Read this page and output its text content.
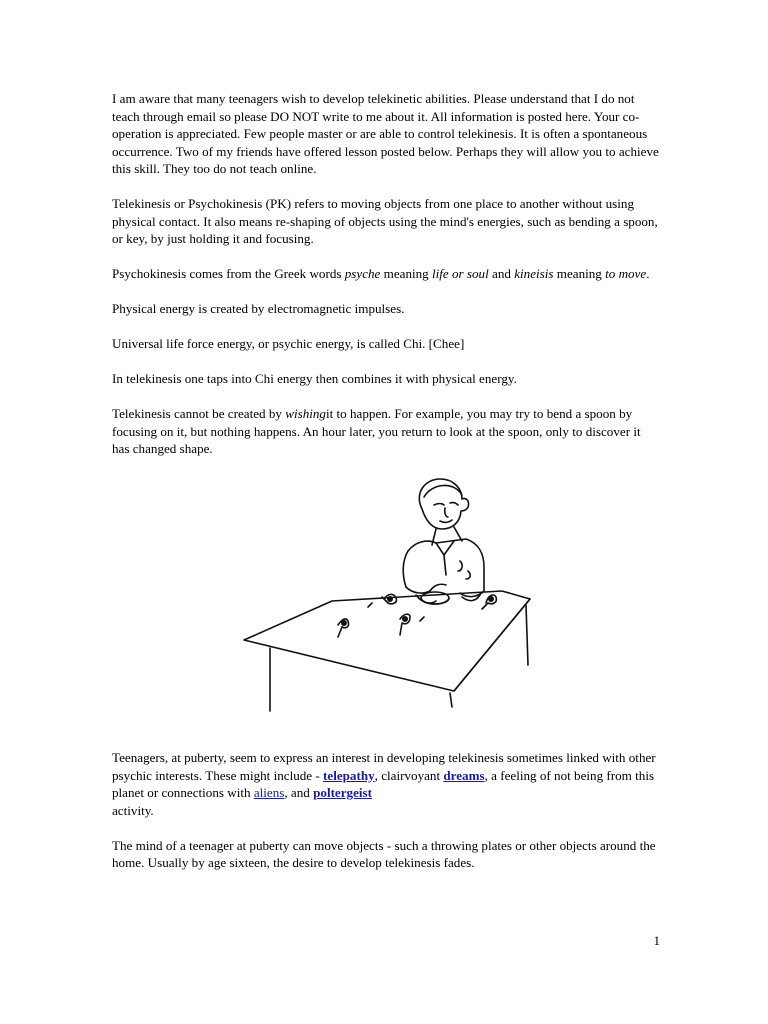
I am aware that many teenagers wish to develop telekinetic abilities. Please understand that I do not teach through email so please DO NOT write to me about it. All information is posted here. Your co-operation is appreciated. Few people master or are able to control telekinesis. It is often a spontaneous occurrence. Two of my friends have offered lesson posted below. Perhaps they will allow you to achieve this skill. They too do not teach online.

Telekinesis or Psychokinesis (PK) refers to moving objects from one place to another without using physical contact. It also means re-shaping of objects using the mind's energies, such as bending a spoon, or key, by just holding it and focusing.

Psychokinesis comes from the Greek words psyche meaning life or soul and kineisis meaning to move.

Physical energy is created by electromagnetic impulses.

Universal life force energy, or psychic energy, is called Chi. [Chee]

In telekinesis one taps into Chi energy then combines it with physical energy.

Telekinesis cannot be created by wishingit to happen. For example, you may try to bend a spoon by focusing on it, but nothing happens. An hour later, you return to look at the spoon, only to discover it has changed shape.

Teenagers, at puberty, seem to express an interest in developing telekinesis sometimes linked with other psychic interests. These might include - telepathy, clairvoyant dreams, a feeling of not being from this planet or connections with aliens, and poltergeist
activity.

The mind of a teenager at puberty can move objects - such a throwing plates or other objects around the home. Usually by age sixteen, the desire to develop telekinesis fades.

1
